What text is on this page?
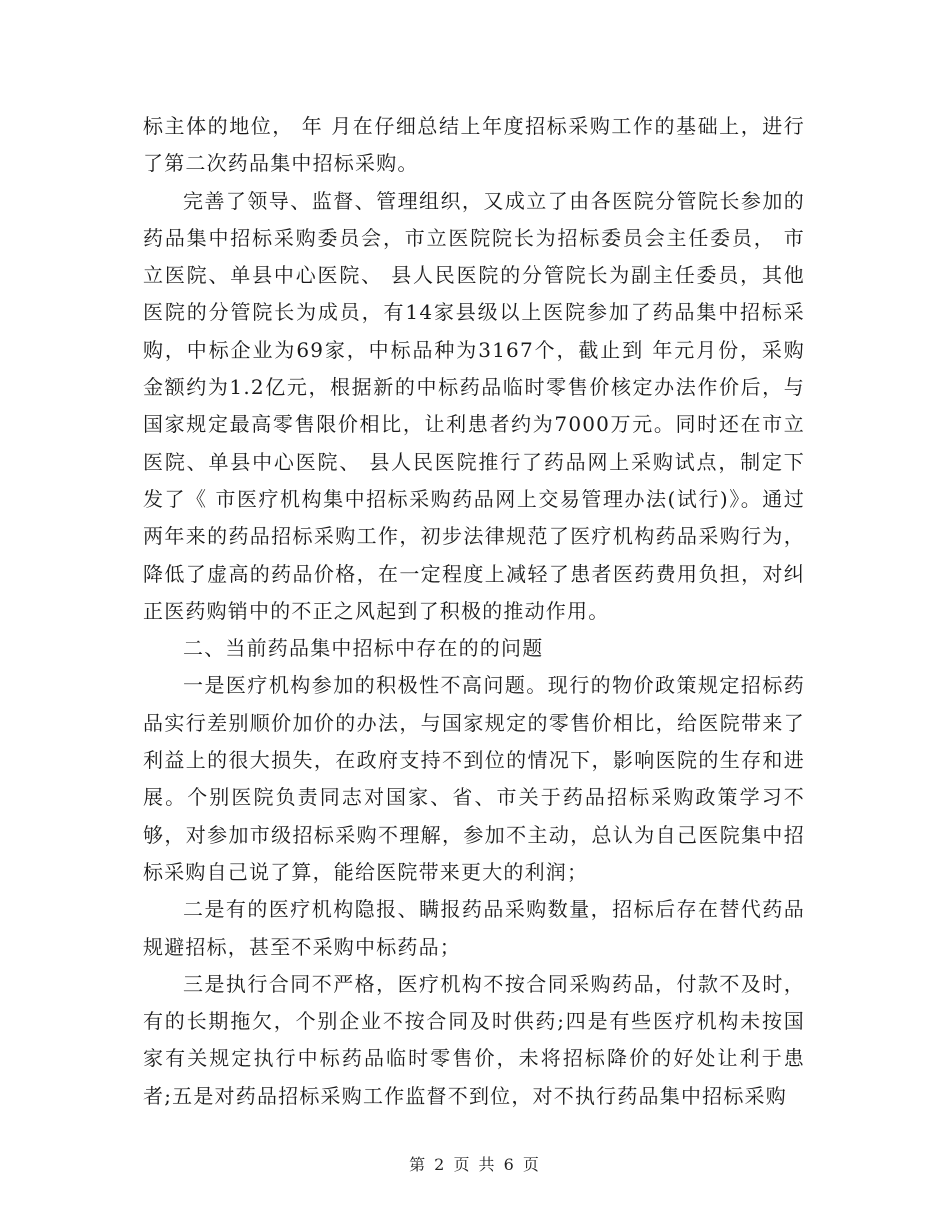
标主体的地位， 年 月在仔细总结上年度招标采购工作的基础上，进行了第二次药品集中招标采购。

完善了领导、监督、管理组织，又成立了由各医院分管院长参加的药品集中招标采购委员会，市立医院院长为招标委员会主任委员， 市立医院、单县中心医院、 县人民医院的分管院长为副主任委员，其他医院的分管院长为成员，有14家县级以上医院参加了药品集中招标采购，中标企业为69家，中标品种为3167个，截止到 年元月份，采购金额约为1.2亿元，根据新的中标药品临时零售价核定办法作价后，与国家规定最高零售限价相比，让利患者约为7000万元。同时还在市立医院、单县中心医院、 县人民医院推行了药品网上采购试点，制定下发了《 市医疗机构集中招标采购药品网上交易管理办法(试行)》。通过两年来的药品招标采购工作，初步法律规范了医疗机构药品采购行为，降低了虚高的药品价格，在一定程度上减轻了患者医药费用负担，对纠正医药购销中的不正之风起到了积极的推动作用。

二、当前药品集中招标中存在的的问题

一是医疗机构参加的积极性不高问题。现行的物价政策规定招标药品实行差别顺价加价的办法，与国家规定的零售价相比，给医院带来了利益上的很大损失，在政府支持不到位的情况下，影响医院的生存和进展。个别医院负责同志对国家、省、市关于药品招标采购政策学习不够，对参加市级招标采购不理解，参加不主动，总认为自己医院集中招标采购自己说了算，能给医院带来更大的利润；

二是有的医疗机构隐报、瞒报药品采购数量，招标后存在替代药品规避招标，甚至不采购中标药品；

三是执行合同不严格，医疗机构不按合同采购药品，付款不及时，有的长期拖欠，个别企业不按合同及时供药;四是有些医疗机构未按国家有关规定执行中标药品临时零售价，未将招标降价的好处让利于患者;五是对药品招标采购工作监督不到位，对不执行药品集中招标采购

第 2 页 共 6 页
